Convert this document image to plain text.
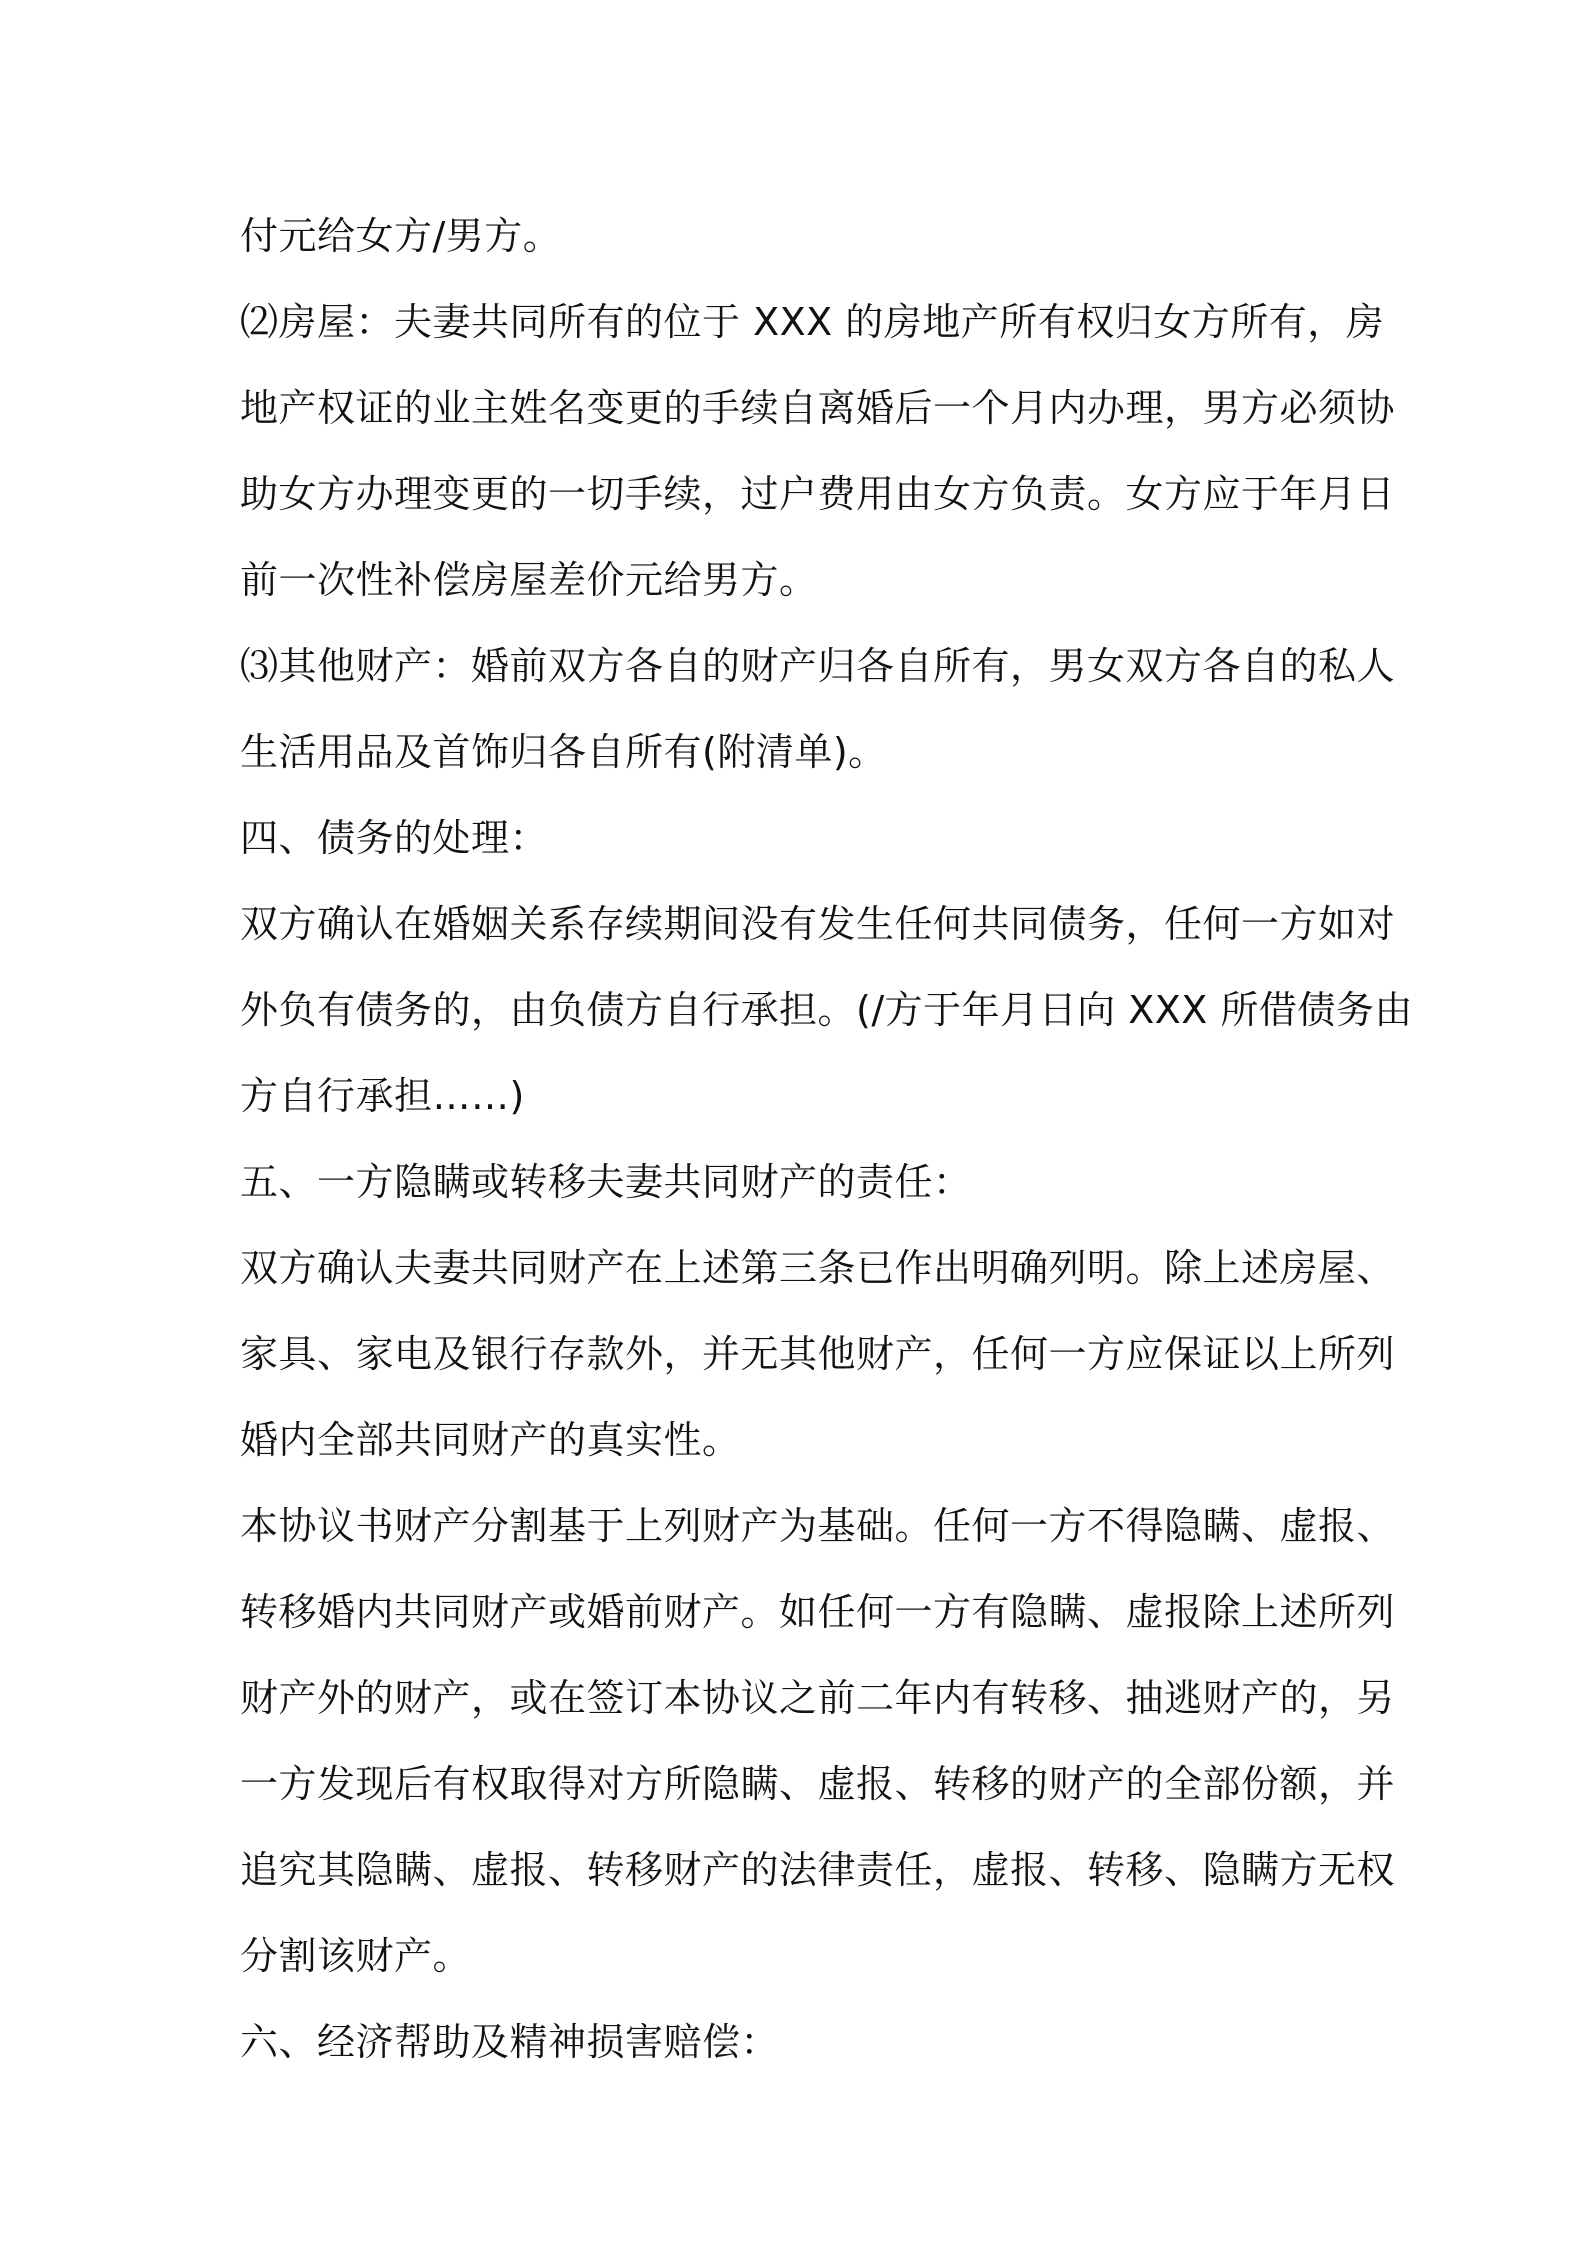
付元给女方/男方。
⑵房屋：夫妻共同所有的位于 XXX 的房地产所有权归女方所有，房
地产权证的业主姓名变更的手续自离婚后一个月内办理，男方必须协
助女方办理变更的一切手续，过户费用由女方负责。女方应于年月日
前一次性补偿房屋差价元给男方。
⑶其他财产：婚前双方各自的财产归各自所有，男女双方各自的私人
生活用品及首饰归各自所有(附清单)。
四、债务的处理：
双方确认在婚姻关系存续期间没有发生任何共同债务，任何一方如对
外负有债务的，由负债方自行承担。(/方于年月日向 XXX 所借债务由
方自行承担……)
五、一方隐瞒或转移夫妻共同财产的责任：
双方确认夫妻共同财产在上述第三条已作出明确列明。除上述房屋、
家具、家电及银行存款外，并无其他财产，任何一方应保证以上所列
婚内全部共同财产的真实性。
本协议书财产分割基于上列财产为基础。任何一方不得隐瞒、虚报、
转移婚内共同财产或婚前财产。如任何一方有隐瞒、虚报除上述所列
财产外的财产，或在签订本协议之前二年内有转移、抽逃财产的，另
一方发现后有权取得对方所隐瞒、虚报、转移的财产的全部份额，并
追究其隐瞒、虚报、转移财产的法律责任，虚报、转移、隐瞒方无权
分割该财产。
六、经济帮助及精神损害赔偿：
